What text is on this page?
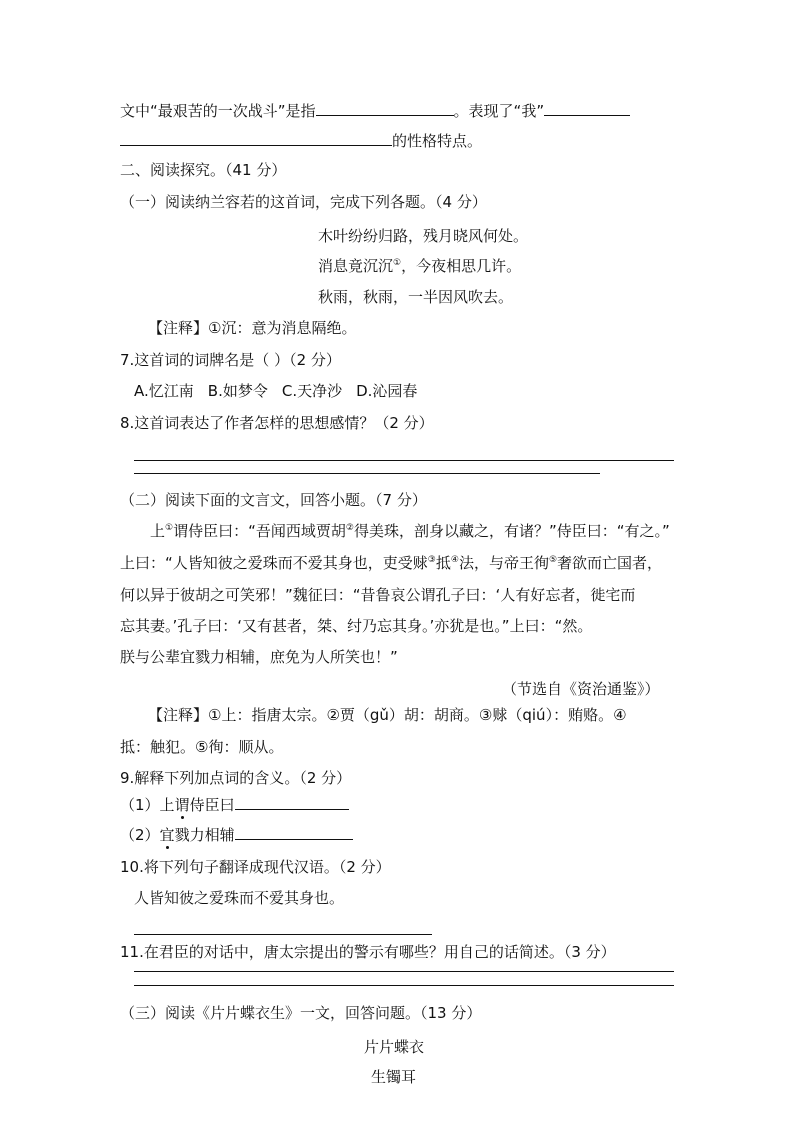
文中“最艰苦的一次战斗”是指	。表现了“我”
的性格特点。
二、阅读探究。（41 分）
（一）阅读纳兰容若的这首词，完成下列各题。（4 分）
木叶纷纷归路，残月晓风何处。
消息竟沉沉①，今夜相思几许。
秋雨，秋雨，一半因风吹去。
【注释】①沉：意为消息隔绝。
7.这首词的词牌名是（ ）（2 分）
A.忆江南 B.如梦令 C.天净沙 D.沁园春
8.这首词表达了作者怎样的思想感情？（2 分）
（二）阅读下面的文言文，回答小题。（7 分）
上①谓侍臣曰：“吾闻西域贾胡②得美珠，剖身以藏之，有诸？”侍臣曰：“有之。”
上曰：“人皆知彼之爱珠而不爱其身也，吏受赇③抵④法，与帝王徇⑤奢欲而亡国者，
何以异于彼胡之可笑邪！”魏征曰：“昔鲁哀公谓孔子曰：‘人有好忘者，徙宅而
忘其妻。’孔子曰：‘又有甚者，桀、纣乃忘其身。’亦犹是也。”上曰：“然。
朕与公辈宜戮力相辅，庶免为人所笑也！”
（节选自《资治通鉴》）
【注释】①上：指唐太宗。②贾（gǔ）胡：胡商。③赇（qiú）：贿赂。④
抵：触犯。⑤徇：顺从。
9.解释下列加点词的含义。（2 分）
（1）上谓侍臣曰
（2）宜戮力相辅
10.将下列句子翻译成现代汉语。（2 分）
人皆知彼之爱珠而不爱其身也。
11.在君臣的对话中，唐太宗提出的警示有哪些？用自己的话简述。（3 分）
（三）阅读《片片蝶衣生》一文，回答问题。（13 分）
片片蝶衣
生镯耳
